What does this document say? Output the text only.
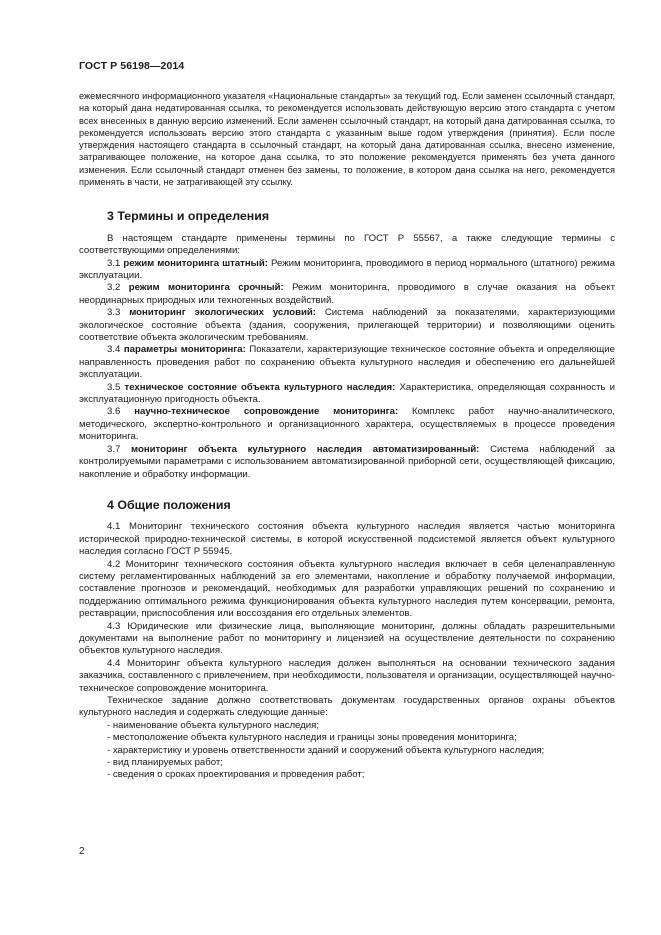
ГОСТ Р 56198—2014

ежемесячного информационного указателя «Национальные стандарты» за текущий год. Если заменен ссылочный стандарт, на который дана недатированная ссылка, то рекомендуется использовать действующую версию этого стандарта с учетом всех внесенных в данную версию изменений. Если заменен ссылочный стандарт, на который дана датированная ссылка, то рекомендуется использовать версию этого стандарта с указанным выше годом утверждения (принятия). Если после утверждения настоящего стандарта в ссылочный стандарт, на который дана датированная ссылка, внесено изменение, затрагивающее положение, на которое дана ссылка, то это положение рекомендуется применять без учета данного изменения. Если ссылочный стандарт отменен без замены, то положение, в котором дана ссылка на него, рекомендуется применять в части, не затрагивающей эту ссылку.

3 Термины и определения

В настоящем стандарте применены термины по ГОСТ Р 55567, а также следующие термины с соответствующими определениями:

3.1 режим мониторинга штатный: Режим мониторинга, проводимого в период нормального (штатного) режима эксплуатации.

3.2 режим мониторинга срочный: Режим мониторинга, проводимого в случае оказания на объект неординарных природных или техногенных воздействий.

3.3 мониторинг экологических условий: Система наблюдений за показателями, характеризующими экологическое состояние объекта (здания, сооружения, прилегающей территории) и позволяющими оценить соответствие объекта экологическим требованиям.

3.4 параметры мониторинга: Показатели, характеризующие техническое состояние объекта и определяющие направленность проведения работ по сохранению объекта культурного наследия и обеспечению его дальнейшей эксплуатации.

3.5 техническое состояние объекта культурного наследия: Характеристика, определяющая сохранность и эксплуатационную пригодность объекта.

3.6 научно-техническое сопровождение мониторинга: Комплекс работ научно-аналитического, методического, экспертно-контрольного и организационного характера, осуществляемых в процессе проведения мониторинга.

3.7 мониторинг объекта культурного наследия автоматизированный: Система наблюдений за контролируемыми параметрами с использованием автоматизированной приборной сети, осуществляющей фиксацию, накопление и обработку информации.

4 Общие положения

4.1 Мониторинг технического состояния объекта культурного наследия является частью мониторинга исторической природно-технической системы, в которой искусственной подсистемой является объект культурного наследия согласно ГОСТ Р 55945.

4.2 Мониторинг технического состояния объекта культурного наследия включает в себя целенаправленную систему регламентированных наблюдений за его элементами, накопление и обработку получаемой информации, составление прогнозов и рекомендаций, необходимых для разработки управляющих решений по сохранению и поддержанию оптимального режима функционирования объекта культурного наследия путем консервации, ремонта, реставрации, приспособления или воссоздания его отдельных элементов.

4.3 Юридические или физические лица, выполняющие мониторинг, должны обладать разрешительными документами на выполнение работ по мониторингу и лицензией на осуществление деятельности по сохранению объектов культурного наследия.

4.4 Мониторинг объекта культурного наследия должен выполняться на основании технического задания заказчика, составленного с привлечением, при необходимости, пользователя и организации, осуществляющей научно-техническое сопровождение мониторинга.

Техническое задание должно соответствовать документам государственных органов охраны объектов культурного наследия и содержать следующие данные:

- наименование объекта культурного наследия;

- местоположение объекта культурного наследия и границы зоны проведения мониторинга;

- характеристику и уровень ответственности зданий и сооружений объекта культурного наследия;

- вид планируемых работ;

- сведения о сроках проектирования и проведения работ;

2
